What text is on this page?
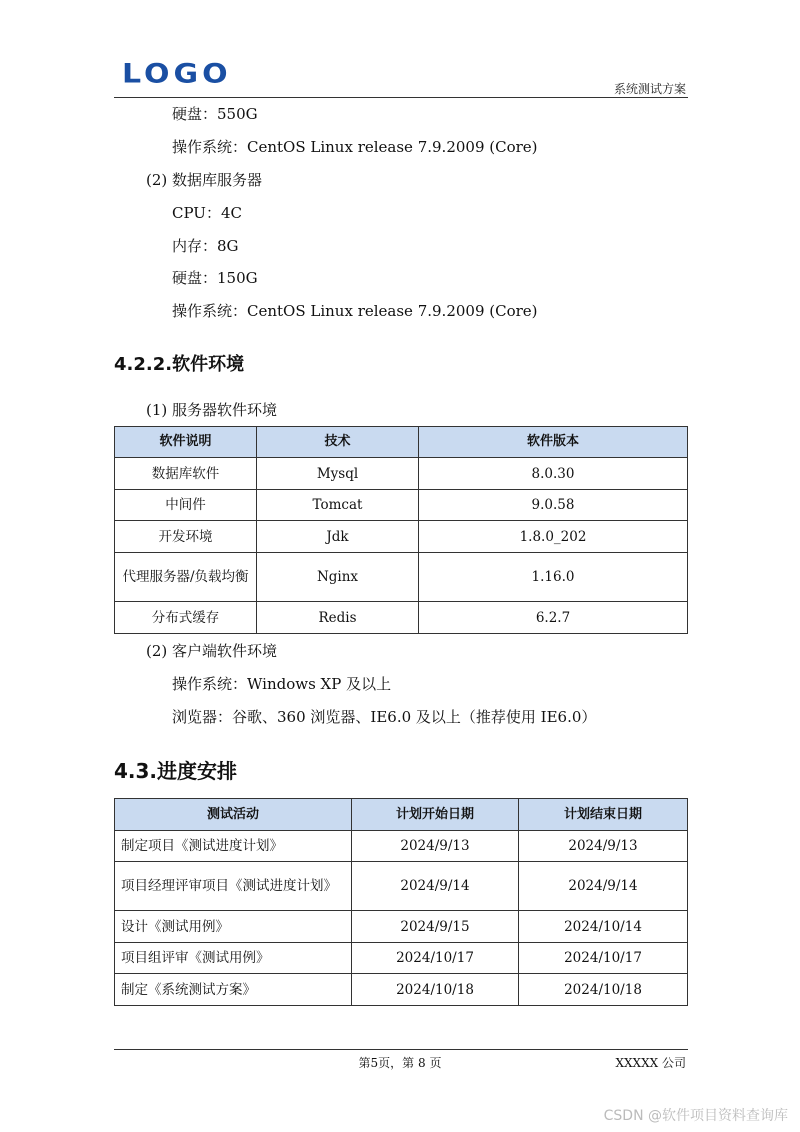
LOGO	系统测试方案
硬盘：550G
操作系统：CentOS Linux release 7.9.2009 (Core)
(2) 数据库服务器
CPU：4C
内存：8G
硬盘：150G
操作系统：CentOS Linux release 7.9.2009 (Core)
4.2.2.软件环境
(1) 服务器软件环境
软件说明	技术	软件版本
数据库软件	Mysql	8.0.30
中间件	Tomcat	9.0.58
开发环境	Jdk	1.8.0_202
代理服务器/负载均衡	Nginx	1.16.0
分布式缓存	Redis	6.2.7
(2) 客户端软件环境
操作系统：Windows XP 及以上
浏览器：谷歌、360 浏览器、IE6.0 及以上（推荐使用 IE6.0）
4.3.进度安排
测试活动	计划开始日期	计划结束日期
制定项目《测试进度计划》	2024/9/13	2024/9/13
项目经理评审项目《测试进度计划》	2024/9/14	2024/9/14
设计《测试用例》	2024/9/15	2024/10/14
项目组评审《测试用例》	2024/10/17	2024/10/17
制定《系统测试方案》	2024/10/18	2024/10/18
第5页，第 8 页	XXXXX 公司
CSDN @软件项目资料查询库
